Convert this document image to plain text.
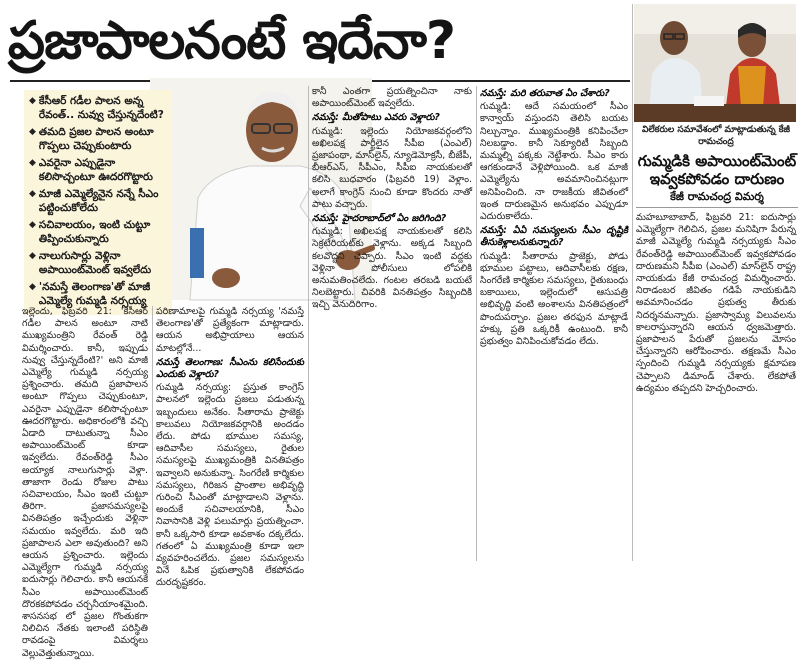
ప్రజాపాలనంటే ఇదేనా?
◆ కేసీఆర్ గడీల పాలన అన్న రేవంత్.. నువ్వు చేస్తున్నదేంటి?
◆ తమది ప్రజల పాలన అంటూ గొప్పలు చెప్పుకుంటారు
◆ ఎవరైనా ఎప్పుడైనా కలిసొచ్చంటూ ఊదరగొట్టారు
◆ మాజీ ఎమ్మెల్యేనైన నన్నే సీఎం పట్టించుకోలేదు
◆ సచివాలయం, ఇంటి చుట్టూ తిప్పించుకున్నారు
◆ నాలుగుసార్లు వెళ్లినా అపాయింట్‌మెంట్ ఇవ్వలేదు
◆ 'నమస్తే తెలంగాణ'తో మాజీ ఎమ్మెల్యే గుమ్మడి నర్సయ్య

ఇల్లెందు, ఫిబ్రవరి 21: 'కేసీఆర్ గడీల పాలన అంటూ నాటి ముఖ్యమంత్రిని రేవంత్ రెడ్డి విమర్శించారు. కానీ, ఇప్పుడు నువ్వు చేస్తున్నదేంటి?' అని మాజీ ఎమ్మెల్యే గుమ్మడి నర్సయ్య ప్రశ్నించారు. తమది ప్రజాపాలన అంటూ గొప్పలు చెప్పుకుంటూ, ఎవరైనా ఎప్పుడైనా కలిసొచ్చంటూ ఊదరగొట్టారు. అధికారంలోకి వచ్చి ఏడాది దాటుతున్నా సీఎం అపాయింట్‌మెంట్ కూడా ఇవ్వలేదు. రేవంత్‌రెడ్డి సీఎం అయ్యాక నాలుగుసార్లు వెళ్లా. తాజాగా రెండు రోజుల పాటు సచివాలయం, సీఎం ఇంటి చుట్టూ తిరిగా. ప్రజాసమస్యలపై వినతిపత్రం ఇచ్చేందుకు వెళ్లినా సమయం ఇవ్వలేదు. మరి ఇది ప్రజాపాలన ఎలా అవుతుంది? అని ఆయన ప్రశ్నించారు. ఇల్లెందు ఎమ్మెల్యేగా గుమ్మడి నర్సయ్య ఐదుసార్లు గెలిచారు. కానీ ఆయనకే సీఎం అపాయింట్‌మెంట్ దొరకకపోవడం చర్చనీయాంశమైంది. శాసనసభ లో ప్రజల గొంతుకగా నిలిచిన నేతకు ఇలాంటి పరిస్థితి రావడంపై విమర్శలు వెల్లువెత్తుతున్నాయి.

పరిణామాలపై గుమ్మడి నర్సయ్య 'నమస్తే తెలంగాణ'తో ప్రత్యేకంగా మాట్లాడారు. ఆయన అభిప్రాయాలు ఆయన మాటల్లోనే...

నమస్తే తెలంగాణ: సీఎంను కలిసేందుకు ఎందుకు వెళ్లారు?

గుమ్మడి నర్సయ్య: ప్రస్తుత కాంగ్రెస్ పాలనలో ఇల్లెందు ప్రజలు పడుతున్న ఇబ్బందులు అనేకం. సీతారామ ప్రాజెక్టు కాలువలు నియోజకవర్గానికి అందడం లేదు. పోడు భూముల సమస్య, ఆదివాసీల సమస్యలు, రైతుల సమస్యలపై ముఖ్యమంత్రికి వినతిపత్రం ఇవ్వాలని అనుకున్నా. సింగరేణి కార్మికుల సమస్యలు, గిరిజన ప్రాంతాల అభివృద్ధి గురించి సీఎంతో మాట్లాడాలని వెళ్లాను. అందుకే సచివాలయానికి, సీఎం నివాసానికి వెళ్లి పలుమార్లు ప్రయత్నించా. కానీ ఒక్కసారి కూడా అవకాశం దక్కలేదు. గతంలో ఏ ముఖ్యమంత్రి కూడా ఇలా వ్యవహరించలేదు. ప్రజల సమస్యలను వినే ఓపిక ప్రభుత్వానికి లేకపోవడం దురదృష్టకరం.

కానీ ఎంతగా ప్రయత్నించినా నాకు అపాయింట్‌మెంట్ ఇవ్వలేదు.

నమస్తే: మీతోపాటు ఎవరు వెళ్లారు?

గుమ్మడి: ఇల్లెందు నియోజకవర్గంలోని అఖిలపక్ష పార్టీలైన సీపీఐ (ఎంఎల్) ప్రజాపంథా, మాస్‌లైన్, న్యూడెమోక్రసీ, బీజేపీ, బీఆర్ఎస్, సీపీఎం, సీపీఐ నాయకులతో కలిసి బుధవారం (ఫిబ్రవరి 19) వెళ్లాం. అలాగే కాంగ్రెస్ నుంచి కూడా కొందరు నాతో పాటు వచ్చారు.

నమస్తే: హైదరాబాద్‌లో ఏం జరిగింది?

గుమ్మడి: అఖిలపక్ష నాయకులతో కలిసి సెక్రటేరియట్‌కు వెళ్లాను. అక్కడ సిబ్బంది కలవొద్దని చెప్పారు. సీఎం ఇంటి వద్దకు వెళ్లినా పోలీసులు లోపలికి అనుమతించలేదు. గంటల తరబడి బయటే నిలబెట్టారు. చివరికి వినతిపత్రం సిబ్బందికి ఇచ్చి వెనుదిరిగాం.

నమస్తే: మరి తరువాత ఏం చేశారు?

గుమ్మడి: ఆదే సమయంలో సీఎం కాన్వాయ్ వస్తుందని తెలిసి బయట నిల్చున్నాం. ముఖ్యమంత్రికి కనిపించేలా నిలబడ్డాం. కానీ సెక్యూరిటీ సిబ్బంది మమ్మల్ని పక్కకు నెట్టేశారు. సీఎం కారు ఆగకుండానే వెళ్లిపోయింది. ఒక మాజీ ఎమ్మెల్యేను అవమానించినట్లుగా అనిపించింది. నా రాజకీయ జీవితంలో ఇంత దారుణమైన అనుభవం ఎప్పుడూ ఎదురుకాలేదు.

నమస్తే: ఏఏ సమస్యలను సీఎం దృష్టికి తీసుకెళ్లాలనుకున్నారు?

గుమ్మడి: సీతారామ ప్రాజెక్టు, పోడు భూముల పట్టాలు, ఆదివాసీలకు రక్షణ, సింగరేణి కార్మికుల సమస్యలు, రైతుబంధు బకాయిలు, ఇల్లెందులో ఆసుపత్రి అభివృద్ధి వంటి అంశాలను వినతిపత్రంలో పొందుపర్చాం. ప్రజల తరఫున మాట్లాడే హక్కు ప్రతి ఒక్కరికీ ఉంటుంది. కానీ ప్రభుత్వం వినిపించుకోవడం లేదు.

విలేకరుల సమావేశంలో మాట్లాడుతున్న కేజీ రామచంద్ర
గుమ్మడికి అపాయింట్‌మెంట్ ఇవ్వకపోవడం దారుణం
కేజీ రామచంద్ర విమర్శ

మహబూబాబాద్, ఫిబ్రవరి 21: ఐదుసార్లు ఎమ్మెల్యేగా గెలిచిన, ప్రజల మనిషిగా పేరున్న మాజీ ఎమ్మెల్యే గుమ్మడి నర్సయ్యకు సీఎం రేవంత్‌రెడ్డి అపాయింట్‌మెంట్ ఇవ్వకపోవడం దారుణమని సీపీఐ (ఎంఎల్) మాస్‌లైన్ రాష్ట్ర నాయకుడు కేజీ రామచంద్ర విమర్శించారు. నిరాడంబర జీవితం గడిపే నాయకుడిని అవమానించడం ప్రభుత్వ తీరుకు నిదర్శనమన్నారు. ప్రజాస్వామ్య విలువలను కాలరాస్తున్నారని ఆయన ధ్వజమెత్తారు. ప్రజాపాలన పేరుతో ప్రజలను మోసం చేస్తున్నారని ఆరోపించారు. తక్షణమే సీఎం స్పందించి గుమ్మడి నర్సయ్యకు క్షమాపణ చెప్పాలని డిమాండ్ చేశారు. లేకపోతే ఉద్యమం తప్పదని హెచ్చరించారు.
